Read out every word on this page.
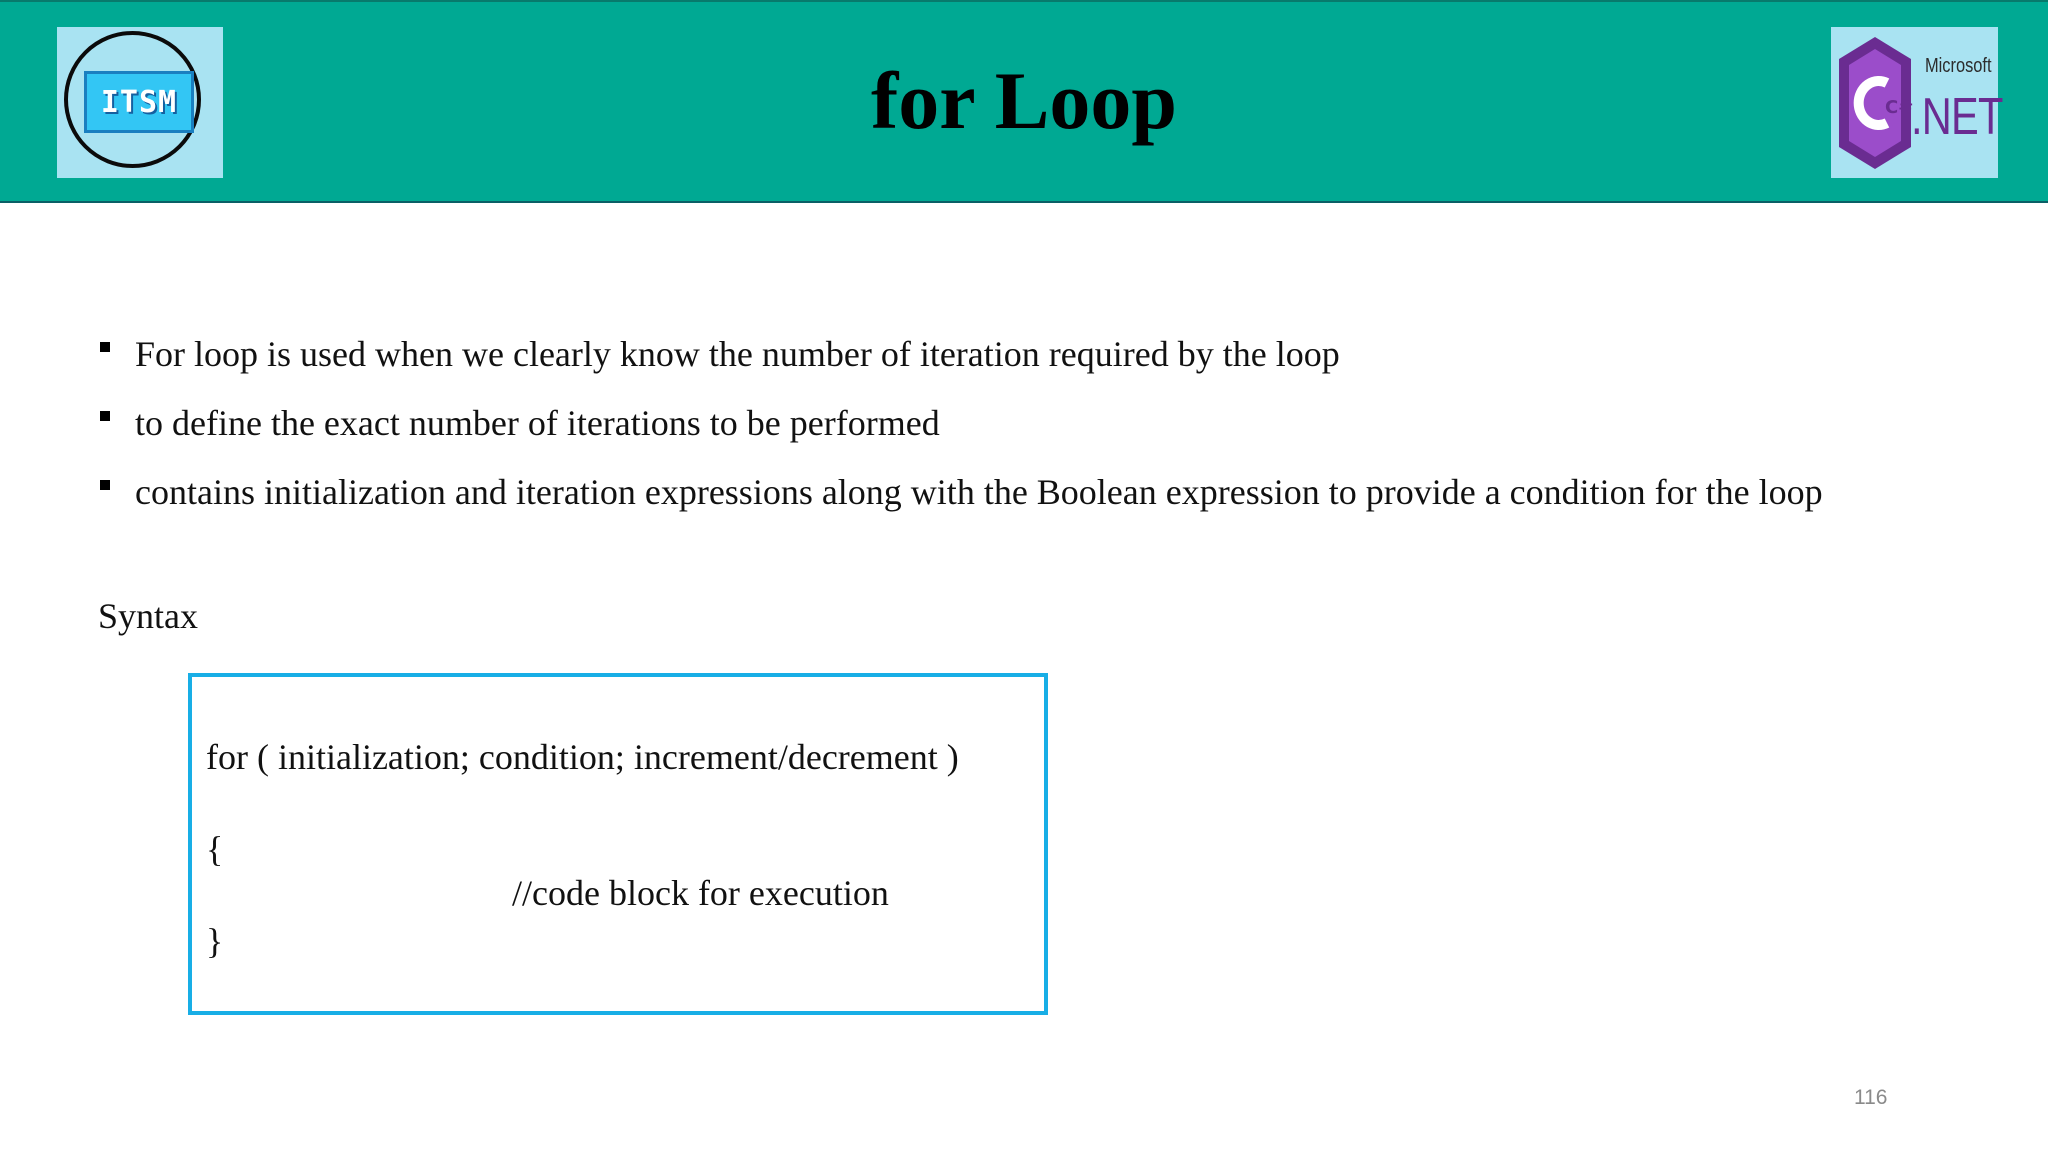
ITSM	for Loop	C#
Microsoft
.NET
For loop is used when we clearly know the number of iteration required by the loop
to define the exact number of iterations to be performed
contains initialization and iteration expressions along with the Boolean expression to provide a condition for the loop
Syntax
for ( initialization; condition; increment/decrement )
{
//code block for execution
}
116
